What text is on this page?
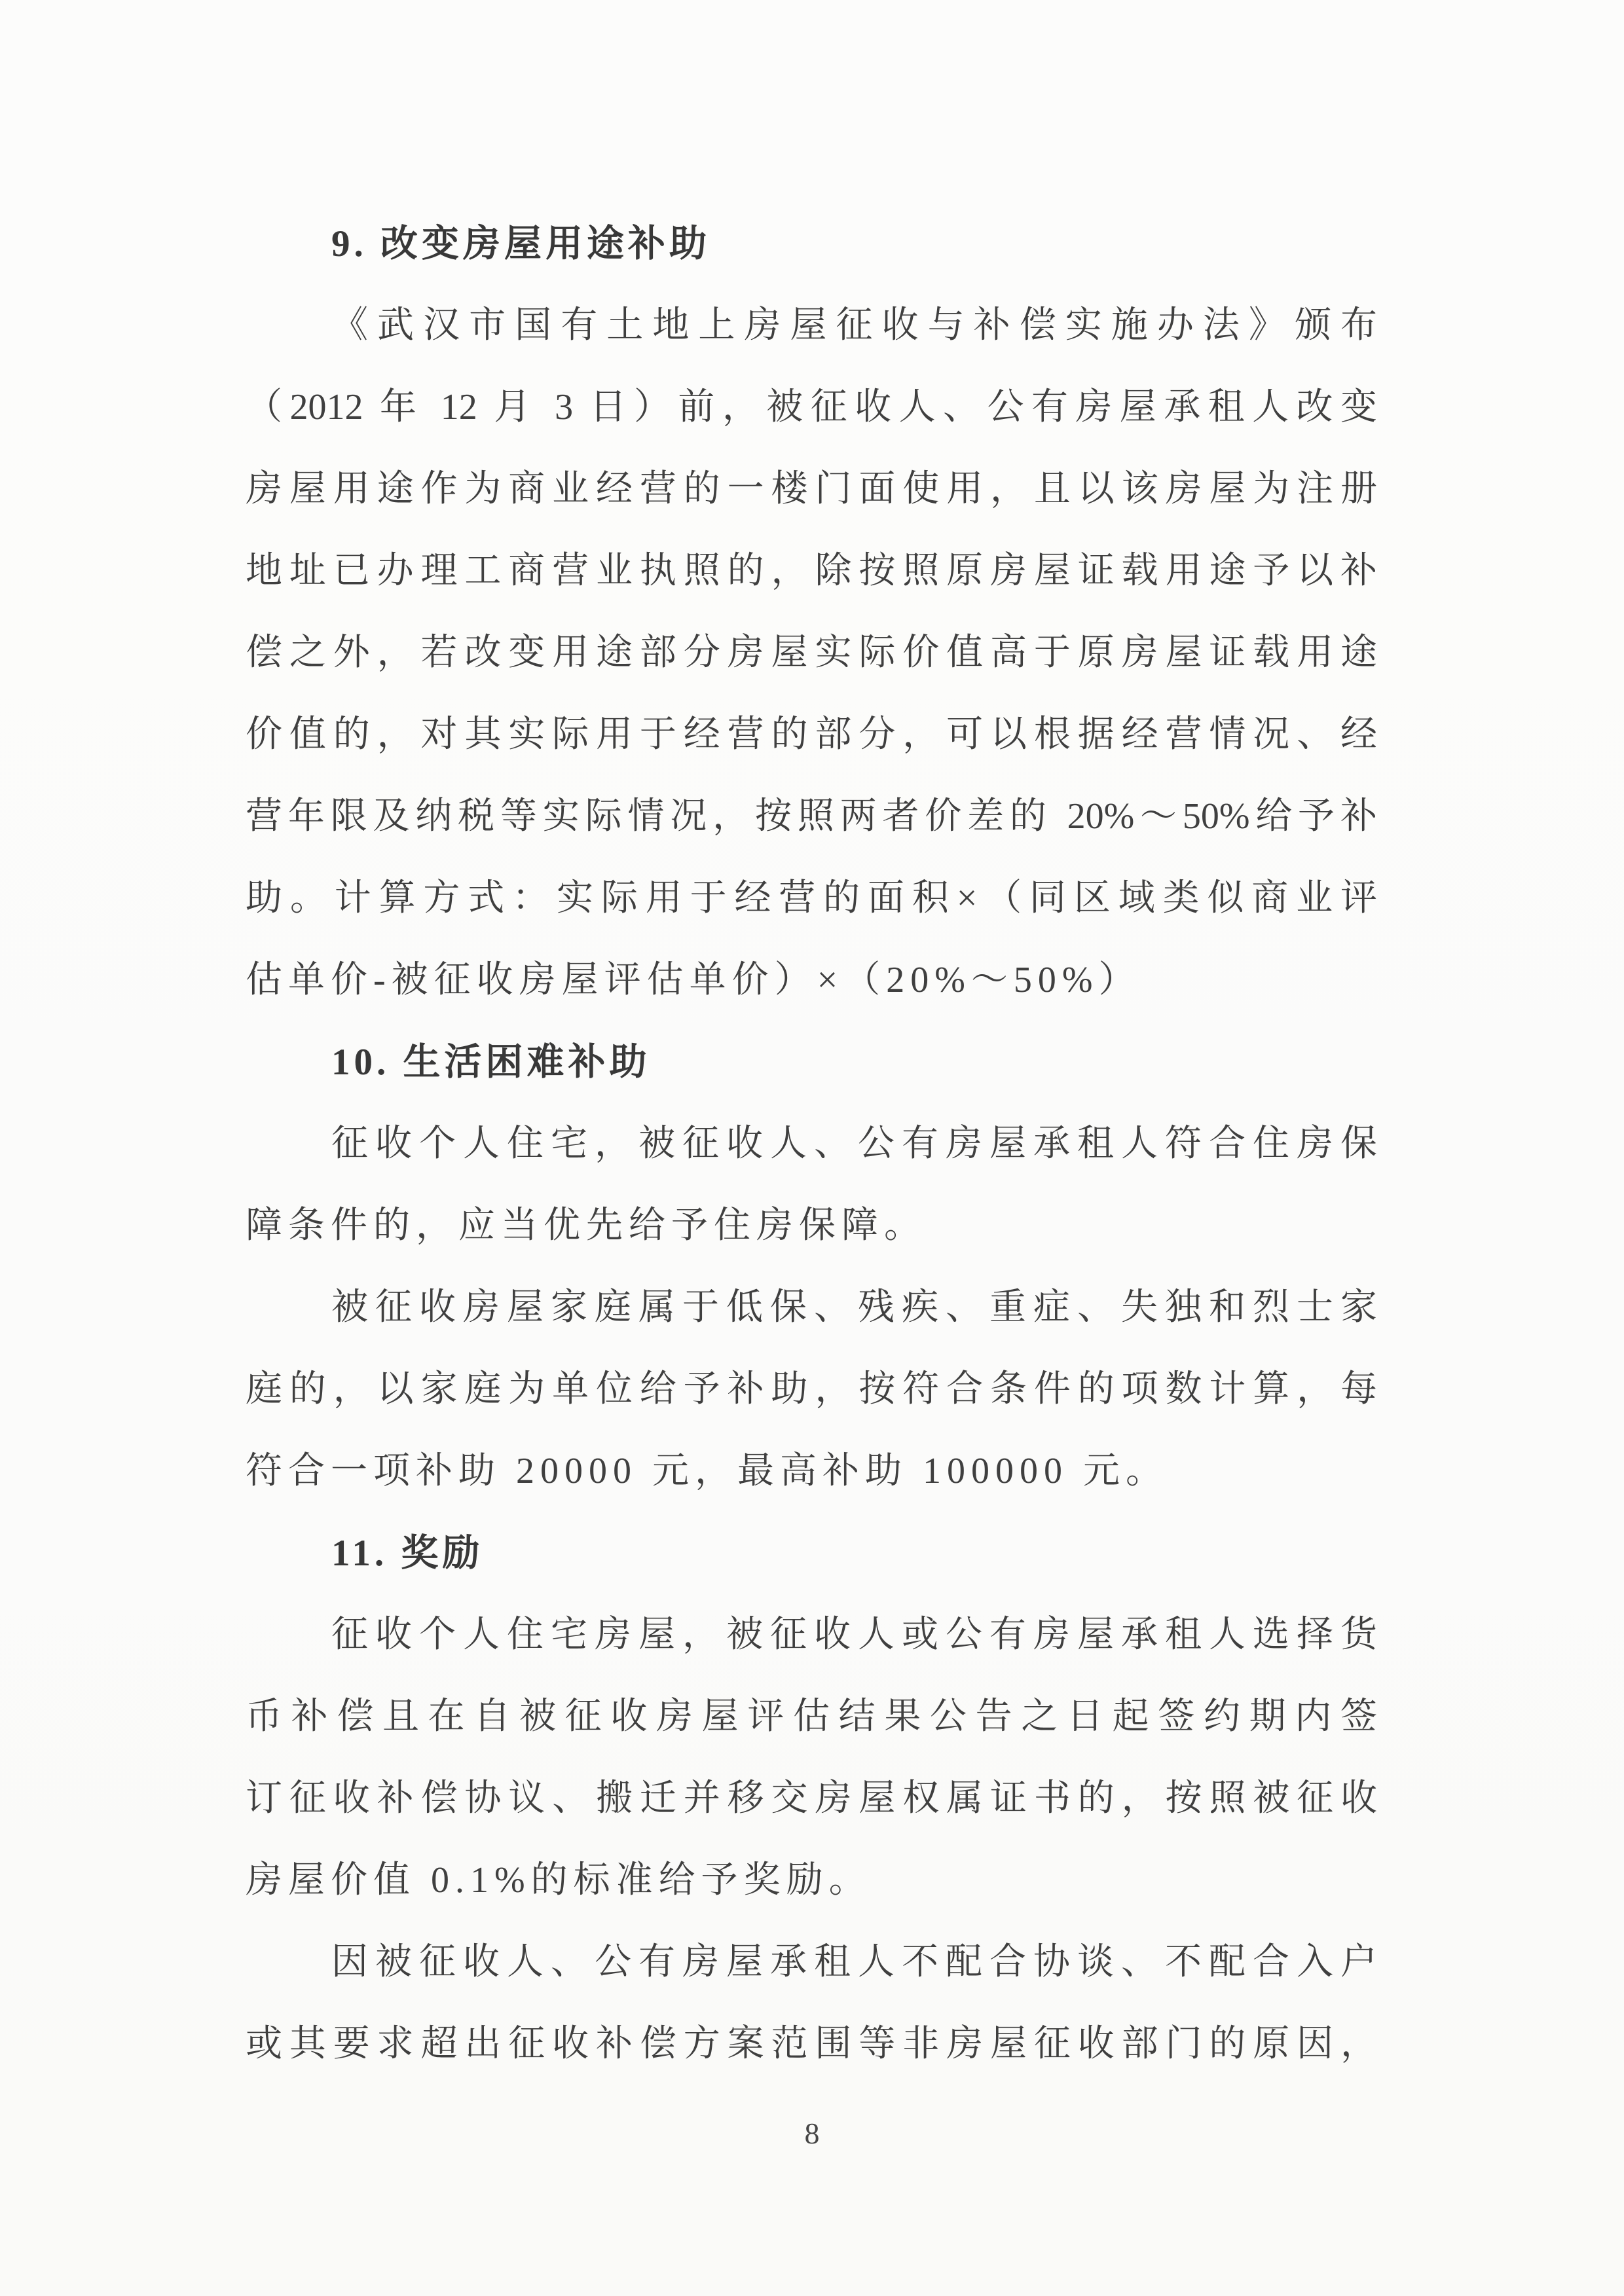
9. 改变房屋用途补助

《武汉市国有土地上房屋征收与补偿实施办法》颁布

（2012 年 12 月 3 日）前，被征收人、公有房屋承租人改变

房屋用途作为商业经营的一楼门面使用，且以该房屋为注册

地址已办理工商营业执照的，除按照原房屋证载用途予以补

偿之外，若改变用途部分房屋实际价值高于原房屋证载用途

价值的，对其实际用于经营的部分，可以根据经营情况、经

营年限及纳税等实际情况，按照两者价差的 20%～50%给予补

助。计算方式：实际用于经营的面积×（同区域类似商业评

估单价-被征收房屋评估单价）×（20%～50%）

10. 生活困难补助

征收个人住宅，被征收人、公有房屋承租人符合住房保

障条件的，应当优先给予住房保障。

被征收房屋家庭属于低保、残疾、重症、失独和烈士家

庭的，以家庭为单位给予补助，按符合条件的项数计算，每

符合一项补助 20000 元，最高补助 100000 元。

11. 奖励

征收个人住宅房屋，被征收人或公有房屋承租人选择货

币补偿且在自被征收房屋评估结果公告之日起签约期内签

订征收补偿协议、搬迁并移交房屋权属证书的，按照被征收

房屋价值 0.1%的标准给予奖励。

因被征收人、公有房屋承租人不配合协谈、不配合入户

或其要求超出征收补偿方案范围等非房屋征收部门的原因，

8
